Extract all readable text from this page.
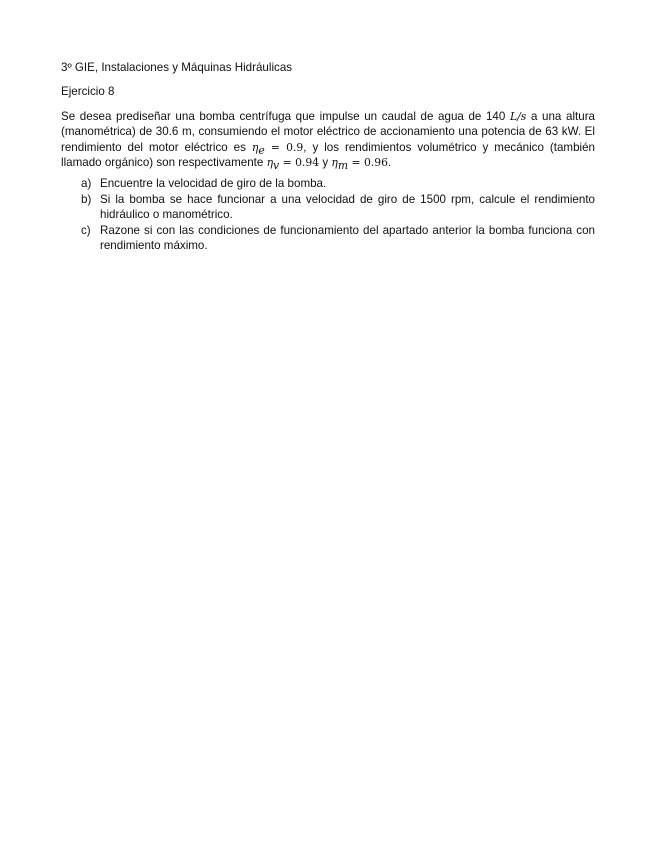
3º GIE, Instalaciones y Máquinas Hidráulicas

Ejercicio 8

Se desea prediseñar una bomba centrífuga que impulse un caudal de agua de 140 L/s a una altura (manométrica) de 30.6 m, consumiendo el motor eléctrico de accionamiento una potencia de 63 kW. El rendimiento del motor eléctrico es $\eta_e = 0.9$, y los rendimientos volumétrico y mecánico (también llamado orgánico) son respectivamente $\eta_v = 0.94$ y $\eta_m = 0.96$.

a) Encuentre la velocidad de giro de la bomba.
b) Si la bomba se hace funcionar a una velocidad de giro de 1500 rpm, calcule el rendimiento hidráulico o manométrico.
c) Razone si con las condiciones de funcionamiento del apartado anterior la bomba funciona con rendimiento máximo.
